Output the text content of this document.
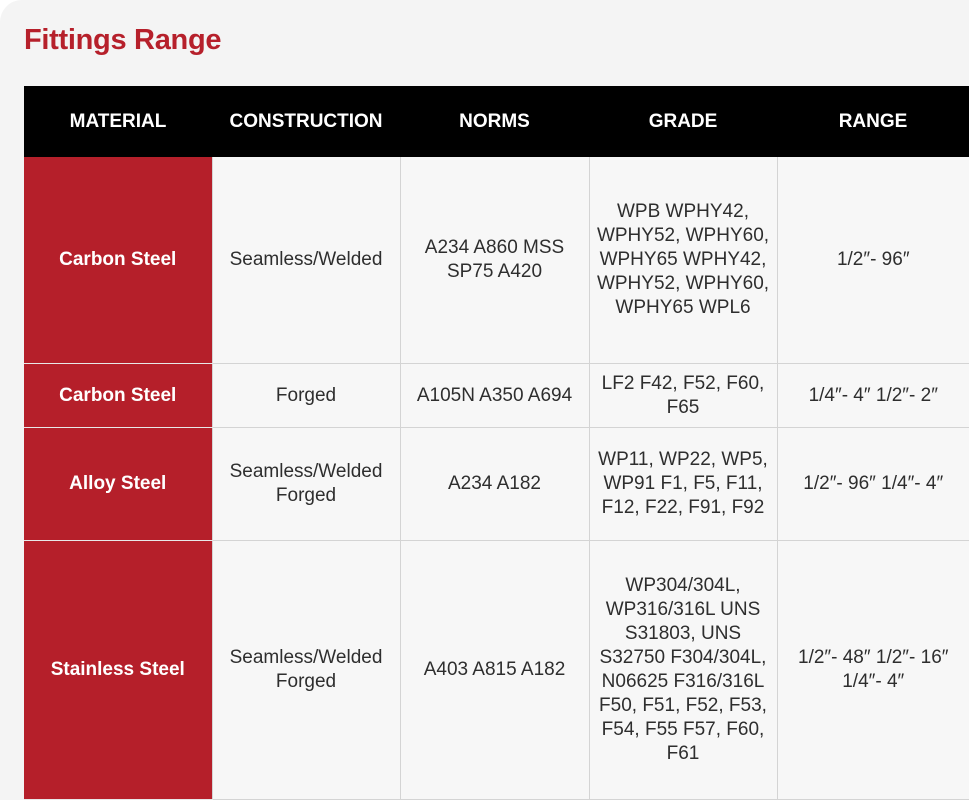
Fittings Range
MATERIAL	CONSTRUCTION	NORMS	GRADE	RANGE
Carbon Steel	Seamless/Welded	A234 A860 MSS SP75 A420	WPB WPHY42, WPHY52, WPHY60, WPHY65 WPHY42, WPHY52, WPHY60, WPHY65 WPL6	1/2″- 96″
Carbon Steel	Forged	A105N A350 A694	LF2 F42, F52, F60, F65	1/4″- 4″ 1/2″- 2″
Alloy Steel	Seamless/Welded Forged	A234 A182	WP11, WP22, WP5, WP91 F1, F5, F11, F12, F22, F91, F92	1/2″- 96″ 1/4″- 4″
Stainless Steel	Seamless/Welded Forged	A403 A815 A182	WP304/304L, WP316/316L UNS S31803, UNS S32750 F304/304L, N06625 F316/316L F50, F51, F52, F53, F54, F55 F57, F60, F61	1/2″- 48″ 1/2″- 16″ 1/4″- 4″
